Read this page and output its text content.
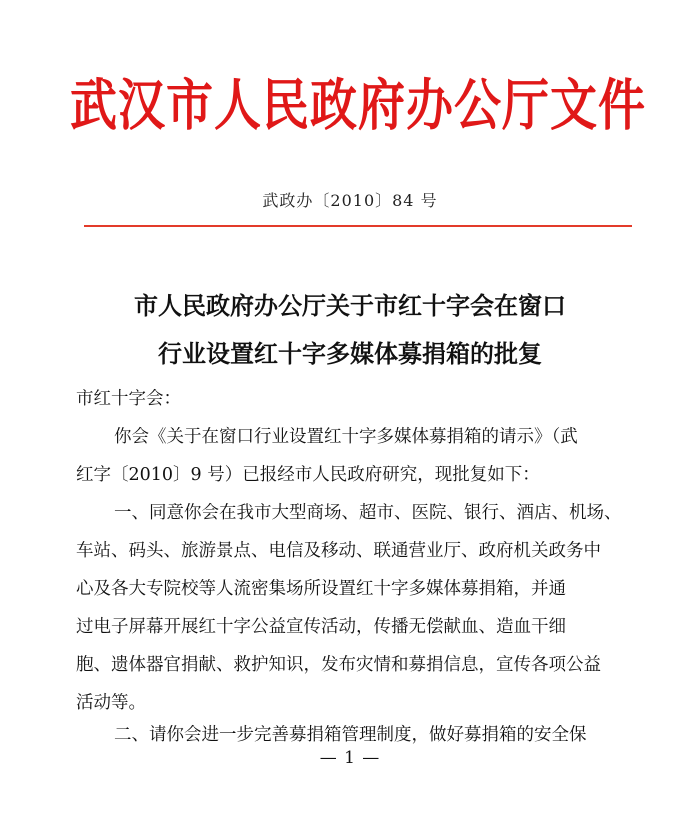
武汉市人民政府办公厅文件
武政办〔2010〕84 号
市人民政府办公厅关于市红十字会在窗口
行业设置红十字多媒体募捐箱的批复
市红十字会：
你会《关于在窗口行业设置红十字多媒体募捐箱的请示》（武
红字〔2010〕9 号）已报经市人民政府研究，现批复如下：
一、同意你会在我市大型商场、超市、医院、银行、酒店、机场、
车站、码头、旅游景点、电信及移动、联通营业厅、政府机关政务中
心及各大专院校等人流密集场所设置红十字多媒体募捐箱，并通
过电子屏幕开展红十字公益宣传活动，传播无偿献血、造血干细
胞、遗体器官捐献、救护知识，发布灾情和募捐信息，宣传各项公益
活动等。
二、请你会进一步完善募捐箱管理制度，做好募捐箱的安全保
— 1 —
